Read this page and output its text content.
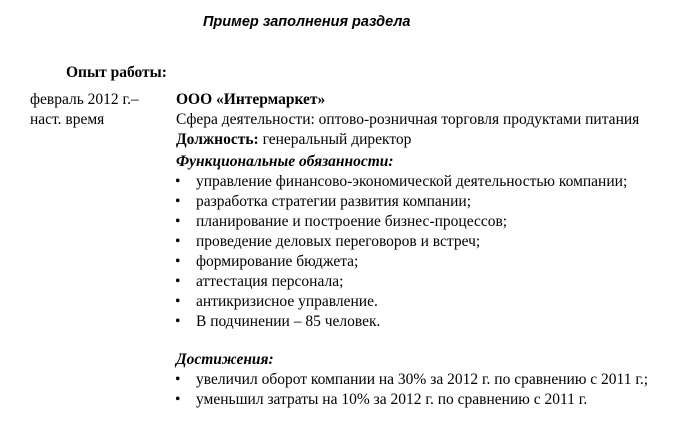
Пример заполнения раздела
Опыт работы:
февраль 2012 г.–
наст. время
ООО «Интермаркет»
Сфера деятельности: оптово-розничная торговля продуктами питания
Должность: генеральный директор
Функциональные обязанности:
• управление финансово-экономической деятельностью компании;
• разработка стратегии развития компании;
• планирование и построение бизнес-процессов;
• проведение деловых переговоров и встреч;
• формирование бюджета;
• аттестация персонала;
• антикризисное управление.
• В подчинении – 85 человек.
Достижения:
• увеличил оборот компании на 30% за 2012 г. по сравнению с 2011 г.;
• уменьшил затраты на 10% за 2012 г. по сравнению с 2011 г.
